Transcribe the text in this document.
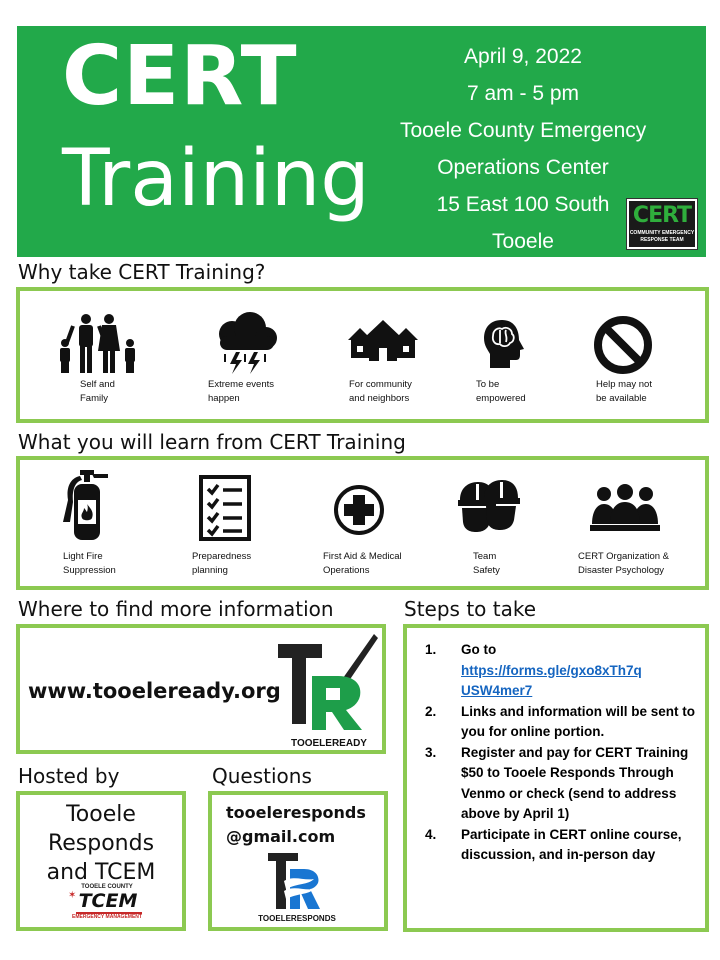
CERT
Training
April 9, 2022
7 am - 5 pm
Tooele County Emergency
Operations Center
15 East 100 South
Tooele
CERT
COMMUNITY EMERGENCY
RESPONSE TEAM
Why take CERT Training?
Self and
Family
Extreme events
happen
For community
and neighbors
To be
empowered
Help may not
be available
What you will learn from CERT Training
Light Fire
Suppression
Preparedness
planning
First Aid & Medical
Operations
Team
Safety
CERT Organization &
Disaster Psychology
Where to find more information
www.tooeleready.org
TOOELEREADY
Hosted by
Tooele
Responds
and TCEM
TOOELE COUNTY
TCEM
EMERGENCY MANAGEMENT
✶
Questions
tooeleresponds
@gmail.com
TOOELERESPONDS
Steps to take
1.	Go to
https://forms.gle/gxo8xTh7q
USW4mer7
2.	Links and information will be sent to you for online portion.
3.	Register and pay for CERT Training $50 to Tooele Responds Through Venmo or check (send to address above by April 1)
4.	Participate in CERT online course, discussion, and in-person day
